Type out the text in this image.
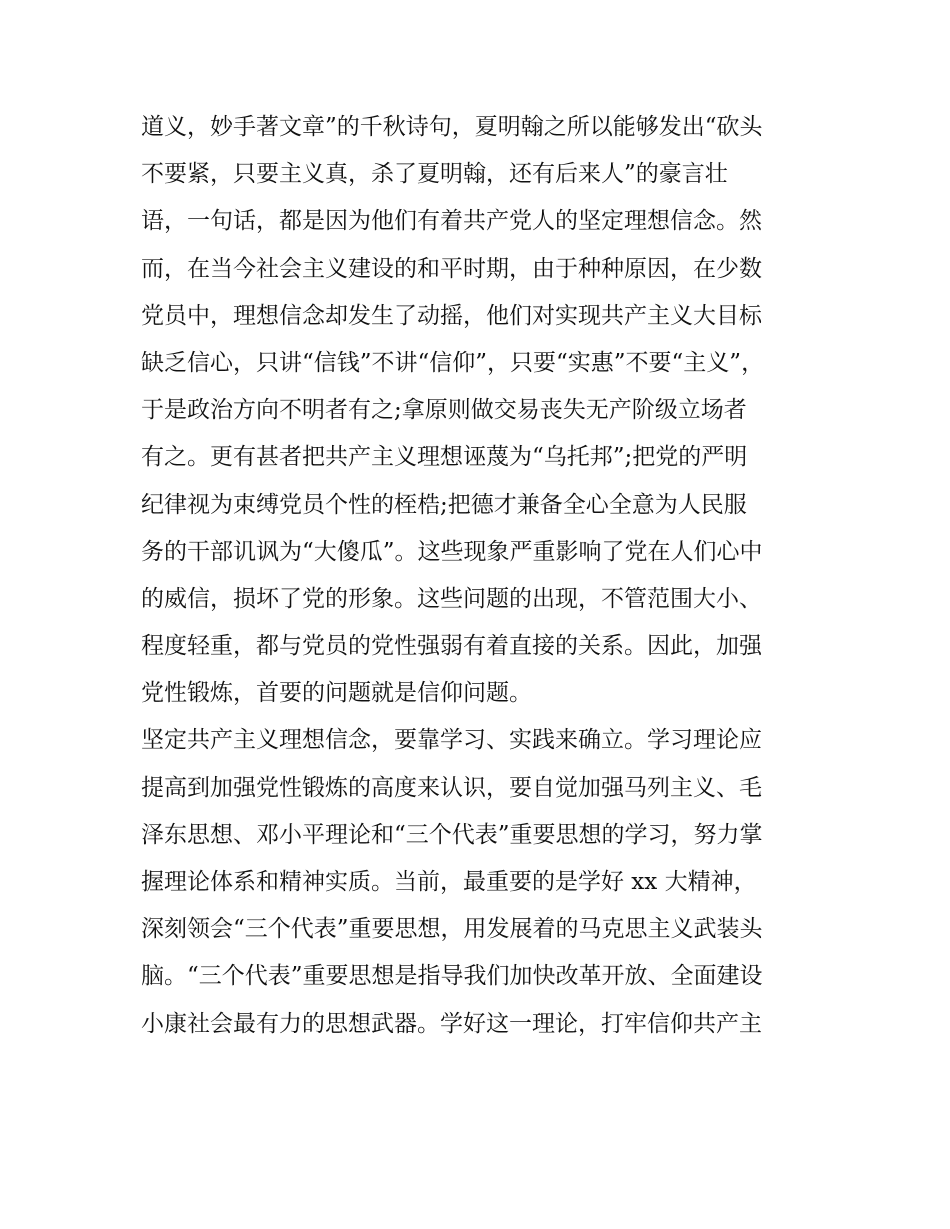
道义，妙手著文章”的千秋诗句，夏明翰之所以能够发出“砍头
不要紧，只要主义真，杀了夏明翰，还有后来人”的豪言壮
语，一句话，都是因为他们有着共产党人的坚定理想信念。然
而，在当今社会主义建设的和平时期，由于种种原因，在少数
党员中，理想信念却发生了动摇，他们对实现共产主义大目标
缺乏信心，只讲“信钱”不讲“信仰”，只要“实惠”不要“主义”，
于是政治方向不明者有之;拿原则做交易丧失无产阶级立场者
有之。更有甚者把共产主义理想诬蔑为“乌托邦”;把党的严明
纪律视为束缚党员个性的桎梏;把德才兼备全心全意为人民服
务的干部讥讽为“大傻瓜”。这些现象严重影响了党在人们心中
的威信，损坏了党的形象。这些问题的出现，不管范围大小、
程度轻重，都与党员的党性强弱有着直接的关系。因此，加强
党性锻炼，首要的问题就是信仰问题。
坚定共产主义理想信念，要靠学习、实践来确立。学习理论应
提高到加强党性锻炼的高度来认识，要自觉加强马列主义、毛
泽东思想、邓小平理论和“三个代表”重要思想的学习，努力掌
握理论体系和精神实质。当前，最重要的是学好 xx 大精神，
深刻领会“三个代表”重要思想，用发展着的马克思主义武装头
脑。“三个代表”重要思想是指导我们加快改革开放、全面建设
小康社会最有力的思想武器。学好这一理论，打牢信仰共产主
